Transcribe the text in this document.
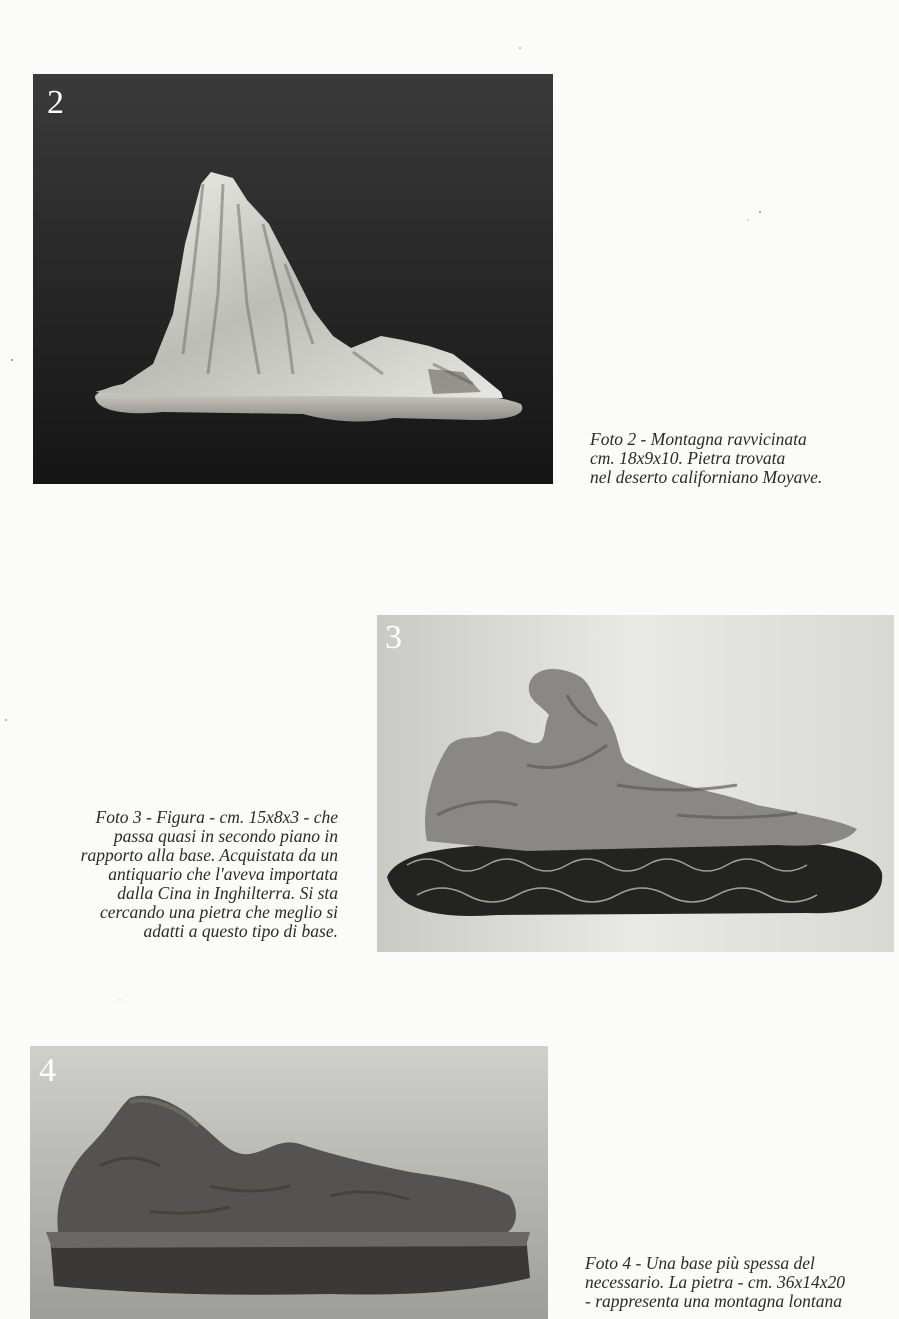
2
Foto 2 - Montagna ravvicinata
cm. 18x9x10. Pietra trovata
nel deserto californiano Moyave.
3
Foto 3 - Figura - cm. 15x8x3 - che
passa quasi in secondo piano in
rapporto alla base. Acquistata da un
antiquario che l'aveva importata
dalla Cina in Inghilterra. Si sta
cercando una pietra che meglio si
adatti a questo tipo di base.
4
Foto 4 - Una base più spessa del
necessario. La pietra - cm. 36x14x20
- rappresenta una montagna lontana
